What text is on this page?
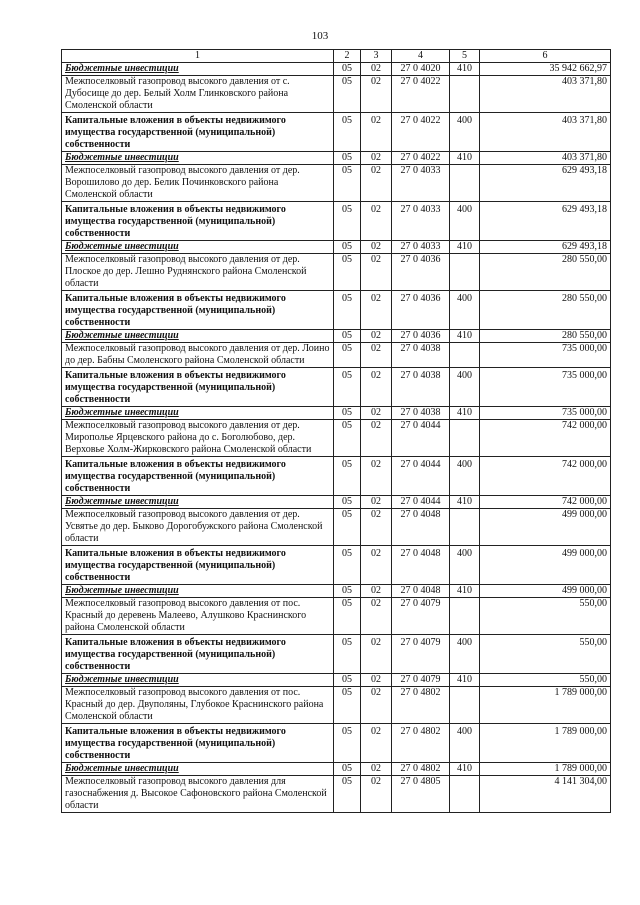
103
1	2	3	4	5	6
Бюджетные инвестиции	05	02	27 0 4020	410	35 942 662,97
Межпоселковый газопровод высокого давления от с. Дубосище до дер. Белый Холм Глинковского района Смоленской области	05	02	27 0 4022		403 371,80
Капитальные вложения в объекты недвижимого имущества государственной (муниципальной) собственности	05	02	27 0 4022	400	403 371,80
Бюджетные инвестиции	05	02	27 0 4022	410	403 371,80
Межпоселковый газопровод высокого давления от дер. Ворошилово до дер. Белик Починковского района Смоленской области	05	02	27 0 4033		629 493,18
Капитальные вложения в объекты недвижимого имущества государственной (муниципальной) собственности	05	02	27 0 4033	400	629 493,18
Бюджетные инвестиции	05	02	27 0 4033	410	629 493,18
Межпоселковый газопровод высокого давления от дер. Плоское до дер. Лешно Руднянского района Смоленской области	05	02	27 0 4036		280 550,00
Капитальные вложения в объекты недвижимого имущества государственной (муниципальной) собственности	05	02	27 0 4036	400	280 550,00
Бюджетные инвестиции	05	02	27 0 4036	410	280 550,00
Межпоселковый газопровод высокого давления от дер. Лоино до дер. Бабны Смоленского района Смоленской области	05	02	27 0 4038		735 000,00
Капитальные вложения в объекты недвижимого имущества государственной (муниципальной) собственности	05	02	27 0 4038	400	735 000,00
Бюджетные инвестиции	05	02	27 0 4038	410	735 000,00
Межпоселковый газопровод высокого давления от дер. Мирополье Ярцевского района до с. Боголюбово, дер. Верховье Холм-Жирковского района Смоленской области	05	02	27 0 4044		742 000,00
Капитальные вложения в объекты недвижимого имущества государственной (муниципальной) собственности	05	02	27 0 4044	400	742 000,00
Бюджетные инвестиции	05	02	27 0 4044	410	742 000,00
Межпоселковый газопровод высокого давления от дер. Усвятье до дер. Быково Дорогобужского района Смоленской области	05	02	27 0 4048		499 000,00
Капитальные вложения в объекты недвижимого имущества государственной (муниципальной) собственности	05	02	27 0 4048	400	499 000,00
Бюджетные инвестиции	05	02	27 0 4048	410	499 000,00
Межпоселковый газопровод высокого давления от пос. Красный до деревень Малеево, Алушково Краснинского района Смоленской области	05	02	27 0 4079		550,00
Капитальные вложения в объекты недвижимого имущества государственной (муниципальной) собственности	05	02	27 0 4079	400	550,00
Бюджетные инвестиции	05	02	27 0 4079	410	550,00
Межпоселковый газопровод высокого давления от пос. Красный до дер. Двуполяны, Глубокое Краснинского района Смоленской области	05	02	27 0 4802		1 789 000,00
Капитальные вложения в объекты недвижимого имущества государственной (муниципальной) собственности	05	02	27 0 4802	400	1 789 000,00
Бюджетные инвестиции	05	02	27 0 4802	410	1 789 000,00
Межпоселковый газопровод высокого давления для газоснабжения д. Высокое Сафоновского района Смоленской области	05	02	27 0 4805		4 141 304,00
